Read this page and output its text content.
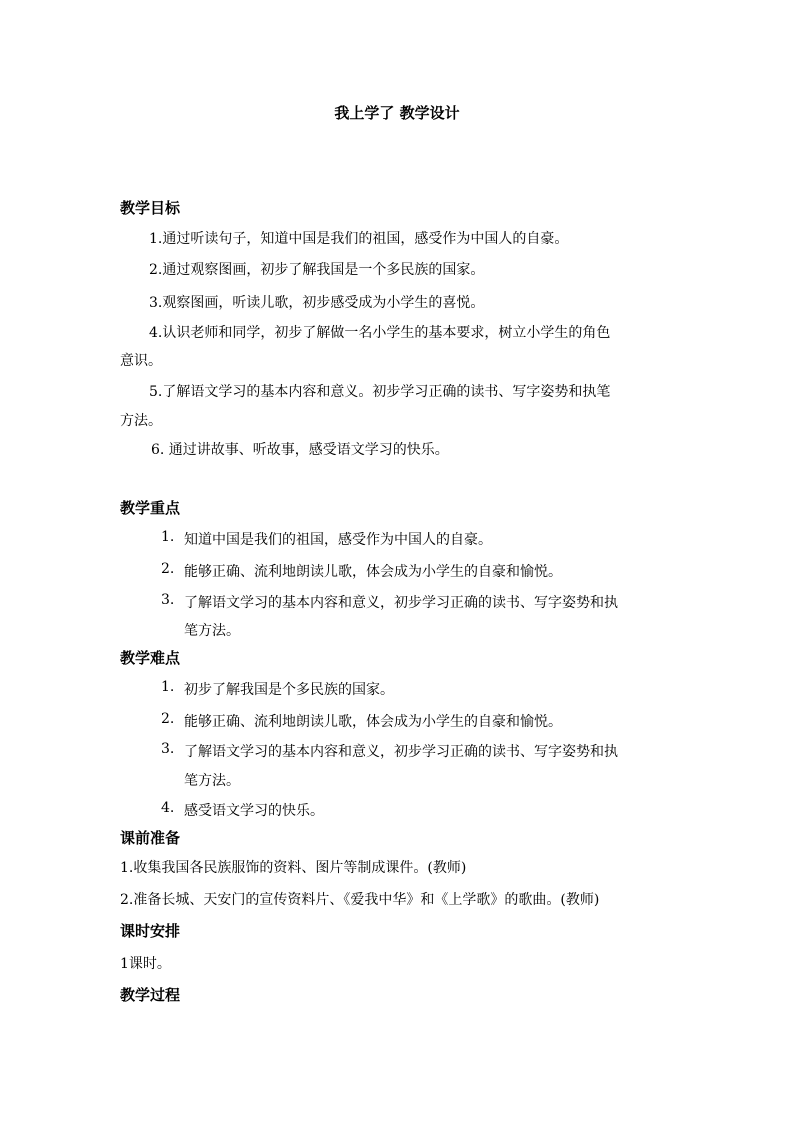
我上学了 教学设计
教学目标
1.通过听读句子，知道中国是我们的祖国，感受作为中国人的自豪。
2.通过观察图画，初步了解我国是一个多民族的国家。
3.观察图画，听读儿歌，初步感受成为小学生的喜悦。
4.认识老师和同学，初步了解做一名小学生的基本要求，树立小学生的角色
意识。
5.了解语文学习的基本内容和意义。初步学习正确的读书、写字姿势和执笔
方法。
6. 通过讲故事、听故事，感受语文学习的快乐。
教学重点
1. 知道中国是我们的祖国，感受作为中国人的自豪。
2. 能够正确、流利地朗读儿歌，体会成为小学生的自豪和愉悦。
3. 了解语文学习的基本内容和意义，初步学习正确的读书、写字姿势和执
笔方法。
教学难点
1. 初步了解我国是个多民族的国家。
2. 能够正确、流利地朗读儿歌，体会成为小学生的自豪和愉悦。
3. 了解语文学习的基本内容和意义，初步学习正确的读书、写字姿势和执
笔方法。
4. 感受语文学习的快乐。
课前准备
1.收集我国各民族服饰的资料、图片等制成课件。(教师)
2.准备长城、天安门的宣传资料片、《爱我中华》和《上学歌》的歌曲。(教师)
课时安排
1课时。
教学过程
